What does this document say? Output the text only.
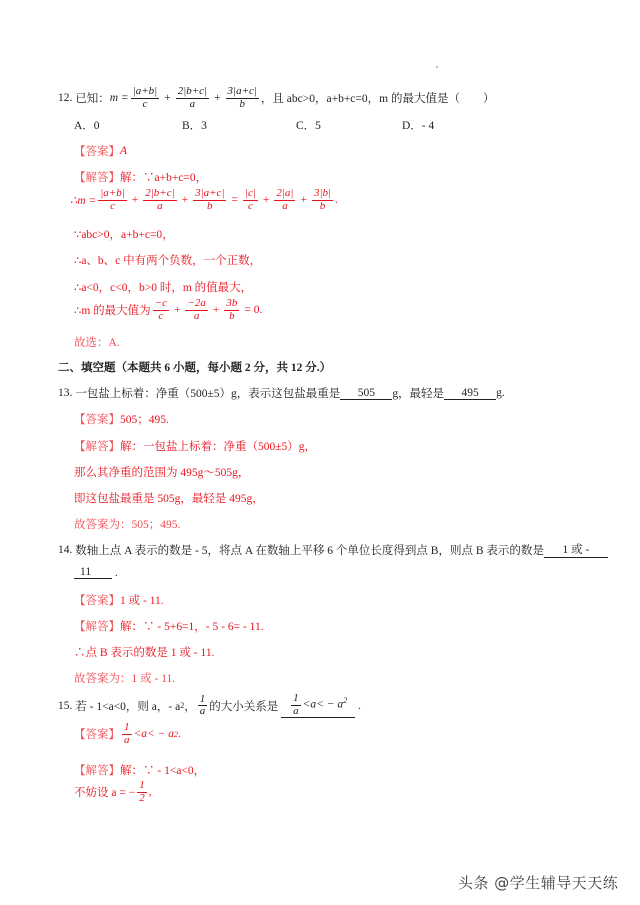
12.
已知： $m = \frac{|a+b|}{c} + \frac{2|b+c|}{a} + \frac{3|a+c|}{b}$ ，且 abc>0，a+b+c=0，m 的最大值是（　　）
A．0	B．3	C．5	D．- 4
【答案】 A
【解答】 解：∵a+b+c=0，
∴m = $\frac{|a+b|}{c} + \frac{2|b+c|}{a} + \frac{3|a+c|}{b} = \frac{|c|}{c} + \frac{2|a|}{a} + \frac{3|b|}{b}$ .
∵abc>0，a+b+c=0，
∴a、b、c 中有两个负数，一个正数，
∴a<0，c<0，b>0 时，m 的值最大，
∴m 的最大值为 $\frac{-c}{c} + \frac{-2a}{a} + \frac{3b}{b} = 0$.
故选：A.
二、填空题（本题共 6 小题，每小题 2 分，共 12 分.）
13.
一包盐上标着：净重（500±5）g，表示这包盐最重是	505	g，最轻是	495	g.
【答案】 505；495.
【解答】 解：一包盐上标着：净重（500±5）g，
那么其净重的范围为 495g～505g，
即这包盐最重是 505g，最轻是 495g，
故答案为：505；495.
14.
数轴上点 A 表示的数是 - 5，将点 A 在数轴上平移 6 个单位长度得到点 B，则点 B 表示的数是	1 或 -
11
	.
【答案】 1 或 - 11.
【解答】 解：∵ - 5+6=1，- 5 - 6= - 11.
∴点 B 表示的数是 1 或 - 11.
故答案为：1 或 - 11.
15.
若 - 1<a<0，则 a，- a 2 ， $\frac{1}{a}$ 的大小关系是
$\frac{1}{a} <a< - a^2$
.
【答案】 $\frac{1}{a} <a< - a$ 2 .
【解答】 解：∵ - 1<a<0，
不妨设 a = − $\frac{1}{2}$ ,
头条 @学生辅导天天练
